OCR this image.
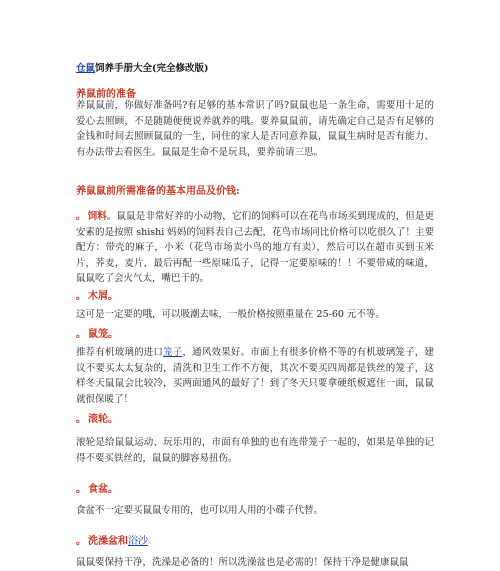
仓鼠饲养手册大全(完全修改版)
养鼠前的准备

养鼠鼠前，你做好准备吗?有足够的基本常识了吗?鼠鼠也是一条生命，需要用十足的爱心去照顾，不是随随便便说养就养的哦。要养鼠鼠前，请先确定自己是否有足够的金钱和时间去照顾鼠鼠的一生，同住的家人是否同意养鼠，鼠鼠生病时是否有能力、有办法带去看医生。鼠鼠是生命不是玩具，要养前请三思。

养鼠鼠前所需准备的基本用品及价钱:

。 饲料。鼠鼠是非常好养的小动物，它们的饲料可以在花鸟市场买到现成的，但是更安素的是按照 shishi 妈妈的饲料表自己去配，花鸟市场同比价格可以吃很久了！主要配方：带壳的麻子，小米（花鸟市场卖小鸟的地方有卖），然后可以在超市买到玉米片，荞麦，麦片，最后再配一些原味瓜子，记得一定要原味的！！不要带咸的味道，鼠鼠吃了会火气太，嘴巴干的。

。 木屑。

这可是一定要的哦，可以吸潮去味，一般价格按照重量在 25-60 元不等。

。 鼠笼。

推荐有机玻璃的进口笼子，通风效果好。市面上有很多价格不等的有机玻璃笼子，建议不要买太太复杂的，清洗和卫生工作不方便，其次不要买四周都是铁丝的笼子，这样冬天鼠鼠会比较冷，买两面通风的最好了！到了冬天只要拿硬纸板遮住一面，鼠鼠就很保暖了！

。 滚轮。

滚轮是给鼠鼠运动、玩乐用的，市面有单独的也有连带笼子一起的，如果是单独的记得不要买铁丝的，鼠鼠的脚容易扭伤。

。 食盆。

食盆不一定要买鼠鼠专用的，也可以用人用的小碟子代替。

。 洗澡盆和浴沙

鼠鼠要保持干净，洗澡是必备的！所以洗澡盆也是必需的！保持干净是健康鼠鼠
